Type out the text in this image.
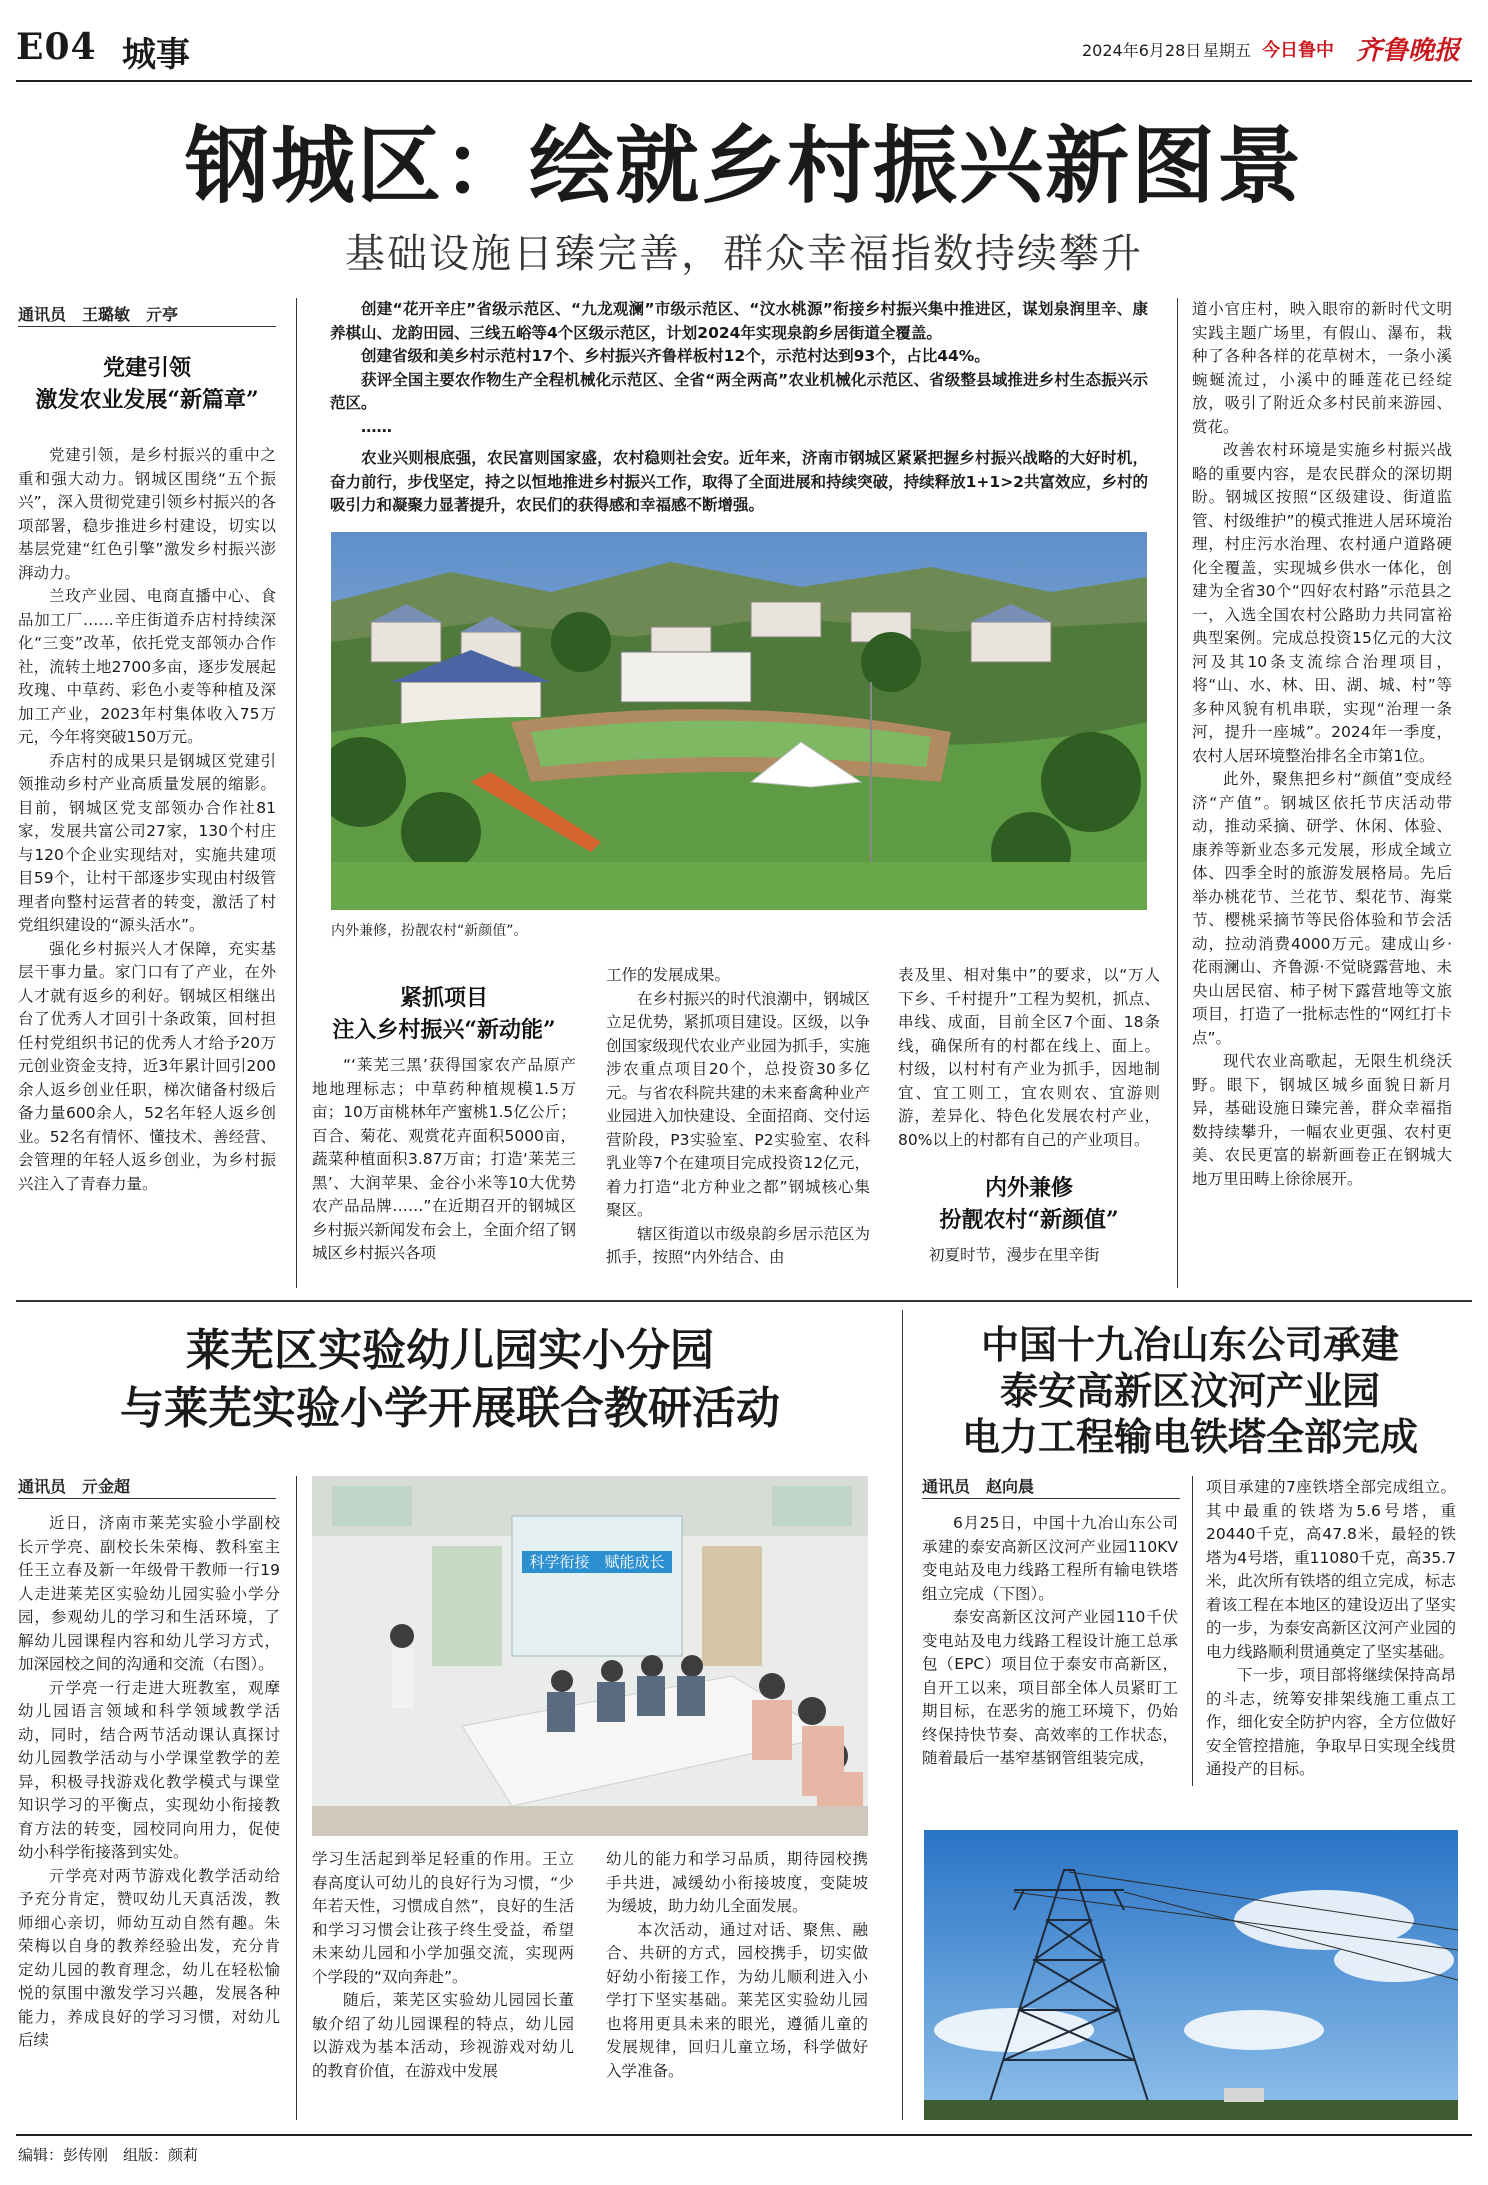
E04 城事	2024年6月28日 星期五 今日鲁中 齐鲁晚报
钢城区：绘就乡村振兴新图景
基础设施日臻完善，群众幸福指数持续攀升
通讯员　王璐敏　亓亭
党建引领
激发农业发展“新篇章”

党建引领，是乡村振兴的重中之重和强大动力。钢城区围绕“五个振兴”，深入贯彻党建引领乡村振兴的各项部署，稳步推进乡村建设，切实以基层党建“红色引擎”激发乡村振兴澎湃动力。

兰玫产业园、电商直播中心、食品加工厂……辛庄街道乔店村持续深化“三变”改革，依托党支部领办合作社，流转土地2700多亩，逐步发展起玫瑰、中草药、彩色小麦等种植及深加工产业，2023年村集体收入75万元，今年将突破150万元。

乔店村的成果只是钢城区党建引领推动乡村产业高质量发展的缩影。目前，钢城区党支部领办合作社81家，发展共富公司27家，130个村庄与120个企业实现结对，实施共建项目59个，让村干部逐步实现由村级管理者向整村运营者的转变，激活了村党组织建设的“源头活水”。

强化乡村振兴人才保障，充实基层干事力量。家门口有了产业，在外人才就有返乡的利好。钢城区相继出台了优秀人才回引十条政策，回村担任村党组织书记的优秀人才给予20万元创业资金支持，近3年累计回引200余人返乡创业任职，梯次储备村级后备力量600余人，52名年轻人返乡创业。52名有情怀、懂技术、善经营、会管理的年轻人返乡创业，为乡村振兴注入了青春力量。

创建“花开辛庄”省级示范区、“九龙观澜”市级示范区、“汶水桃源”衔接乡村振兴集中推进区，谋划泉润里辛、康养棋山、龙韵田园、三线五峪等4个区级示范区，计划2024年实现泉韵乡居街道全覆盖。

创建省级和美乡村示范村17个、乡村振兴齐鲁样板村12个，示范村达到93个，占比44%。

获评全国主要农作物生产全程机械化示范区、全省“两全两高”农业机械化示范区、省级整县域推进乡村生态振兴示范区。

……

农业兴则根底强，农民富则国家盛，农村稳则社会安。近年来，济南市钢城区紧紧把握乡村振兴战略的大好时机，奋力前行，步伐坚定，持之以恒地推进乡村振兴工作，取得了全面进展和持续突破，持续释放1+1>2共富效应，乡村的吸引力和凝聚力显著提升，农民们的获得感和幸福感不断增强。

内外兼修，扮靓农村“新颜值”。
紧抓项目
注入乡村振兴“新动能”

“‘莱芜三黑’获得国家农产品原产地地理标志；中草药种植规模1.5万亩；10万亩桃林年产蜜桃1.5亿公斤；百合、菊花、观赏花卉面积5000亩，蔬菜种植面积3.87万亩；打造‘莱芜三黑’、大润苹果、金谷小米等10大优势农产品品牌……”在近期召开的钢城区乡村振兴新闻发布会上，全面介绍了钢城区乡村振兴各项

工作的发展成果。

在乡村振兴的时代浪潮中，钢城区立足优势，紧抓项目建设。区级，以争创国家级现代农业产业园为抓手，实施涉农重点项目20个，总投资30多亿元。与省农科院共建的未来畜禽种业产业园进入加快建设、全面招商、交付运营阶段，P3实验室、P2实验室、农科乳业等7个在建项目完成投资12亿元，着力打造“北方种业之都”钢城核心集聚区。

辖区街道以市级泉韵乡居示范区为抓手，按照“内外结合、由

表及里、相对集中”的要求，以“万人下乡、千村提升”工程为契机，抓点、串线、成面，目前全区7个面、18条线，确保所有的村都在线上、面上。村级，以村村有产业为抓手，因地制宜、宜工则工，宜农则农、宜游则游，差异化、特色化发展农村产业，80%以上的村都有自己的产业项目。

内外兼修
扮靓农村“新颜值”

初夏时节，漫步在里辛街

道小官庄村，映入眼帘的新时代文明实践主题广场里，有假山、瀑布，栽种了各种各样的花草树木，一条小溪蜿蜒流过，小溪中的睡莲花已经绽放，吸引了附近众多村民前来游园、赏花。

改善农村环境是实施乡村振兴战略的重要内容，是农民群众的深切期盼。钢城区按照“区级建设、街道监管、村级维护”的模式推进人居环境治理，村庄污水治理、农村通户道路硬化全覆盖，实现城乡供水一体化，创建为全省30个“四好农村路”示范县之一，入选全国农村公路助力共同富裕典型案例。完成总投资15亿元的大汶河及其10条支流综合治理项目，将“山、水、林、田、湖、城、村”等多种风貌有机串联，实现“治理一条河，提升一座城”。2024年一季度，农村人居环境整治排名全市第1位。

此外，聚焦把乡村“颜值”变成经济“产值”。钢城区依托节庆活动带动，推动采摘、研学、休闲、体验、康养等新业态多元发展，形成全域立体、四季全时的旅游发展格局。先后举办桃花节、兰花节、梨花节、海棠节、樱桃采摘节等民俗体验和节会活动，拉动消费4000万元。建成山乡·花雨澜山、齐鲁源·不觉晓露营地、未央山居民宿、柿子树下露营地等文旅项目，打造了一批标志性的“网红打卡点”。

现代农业高歌起，无限生机绕沃野。眼下，钢城区城乡面貌日新月异，基础设施日臻完善，群众幸福指数持续攀升，一幅农业更强、农村更美、农民更富的崭新画卷正在钢城大地万里田畴上徐徐展开。

莱芜区实验幼儿园实小分园
与莱芜实验小学开展联合教研活动
通讯员　亓金超

近日，济南市莱芜实验小学副校长亓学亮、副校长朱荣梅、教科室主任王立春及新一年级骨干教师一行19人走进莱芜区实验幼儿园实验小学分园，参观幼儿的学习和生活环境，了解幼儿园课程内容和幼儿学习方式，加深园校之间的沟通和交流（右图）。

亓学亮一行走进大班教室，观摩幼儿园语言领域和科学领域教学活动，同时，结合两节活动课认真探讨幼儿园教学活动与小学课堂教学的差异，积极寻找游戏化教学模式与课堂知识学习的平衡点，实现幼小衔接教育方法的转变，园校同向用力，促使幼小科学衔接落到实处。

亓学亮对两节游戏化教学活动给予充分肯定，赞叹幼儿天真活泼，教师细心亲切，师幼互动自然有趣。朱荣梅以自身的教养经验出发，充分肯定幼儿园的教育理念，幼儿在轻松愉悦的氛围中激发学习兴趣，发展各种能力，养成良好的学习习惯，对幼儿后续

科学衔接　赋能成长

学习生活起到举足轻重的作用。王立春高度认可幼儿的良好行为习惯，“少年若天性，习惯成自然”，良好的生活和学习习惯会让孩子终生受益，希望未来幼儿园和小学加强交流，实现两个学段的“双向奔赴”。

随后，莱芜区实验幼儿园园长董敏介绍了幼儿园课程的特点，幼儿园以游戏为基本活动，珍视游戏对幼儿的教育价值，在游戏中发展

幼儿的能力和学习品质，期待园校携手共进，减缓幼小衔接坡度，变陡坡为缓坡，助力幼儿全面发展。

本次活动，通过对话、聚焦、融合、共研的方式，园校携手，切实做好幼小衔接工作，为幼儿顺利进入小学打下坚实基础。莱芜区实验幼儿园也将用更具未来的眼光，遵循儿童的发展规律，回归儿童立场，科学做好入学准备。

中国十九冶山东公司承建
泰安高新区汶河产业园
电力工程输电铁塔全部完成
通讯员　赵向晨

6月25日，中国十九冶山东公司承建的泰安高新区汶河产业园110KV变电站及电力线路工程所有输电铁塔组立完成（下图）。

泰安高新区汶河产业园110千伏变电站及电力线路工程设计施工总承包（EPC）项目位于泰安市高新区，自开工以来，项目部全体人员紧盯工期目标，在恶劣的施工环境下，仍始终保持快节奏、高效率的工作状态，随着最后一基窄基钢管组装完成，

项目承建的7座铁塔全部完成组立。其中最重的铁塔为5.6号塔，重20440千克，高47.8米，最轻的铁塔为4号塔，重11080千克，高35.7米，此次所有铁塔的组立完成，标志着该工程在本地区的建设迈出了坚实的一步，为泰安高新区汶河产业园的电力线路顺利贯通奠定了坚实基础。

下一步，项目部将继续保持高昂的斗志，统筹安排架线施工重点工作，细化安全防护内容，全方位做好安全管控措施，争取早日实现全线贯通投产的目标。

编辑：彭传刚　组版：颜莉
